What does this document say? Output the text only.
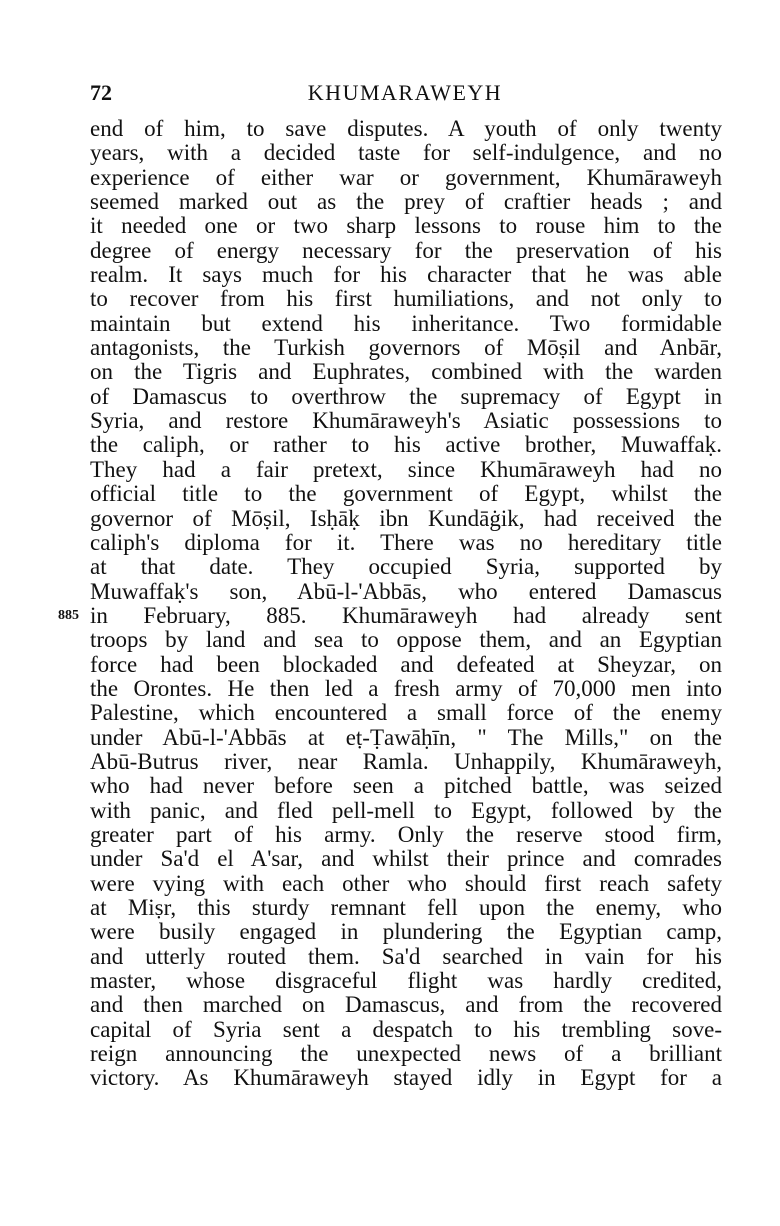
72	KHUMARAWEYH
885
end of him, to save disputes. A youth of only twenty
years, with a decided taste for self-indulgence, and no
experience of either war or government, Khumāraweyh
seemed marked out as the prey of craftier heads ; and
it needed one or two sharp lessons to rouse him to the
degree of energy necessary for the preservation of his
realm. It says much for his character that he was able
to recover from his first humiliations, and not only to
maintain but extend his inheritance. Two formidable
antagonists, the Turkish governors of Mōṣil and Anbār,
on the Tigris and Euphrates, combined with the warden
of Damascus to overthrow the supremacy of Egypt in
Syria, and restore Khumāraweyh's Asiatic possessions to
the caliph, or rather to his active brother, Muwaffaḳ.
They had a fair pretext, since Khumāraweyh had no
official title to the government of Egypt, whilst the
governor of Mōṣil, Isḥāḳ ibn Kundāġik, had received the
caliph's diploma for it. There was no hereditary title
at that date. They occupied Syria, supported by
Muwaffaḳ's son, Abū-l-'Abbās, who entered Damascus
in February, 885. Khumāraweyh had already sent
troops by land and sea to oppose them, and an Egyptian
force had been blockaded and defeated at Sheyzar, on
the Orontes. He then led a fresh army of 70,000 men into
Palestine, which encountered a small force of the enemy
under Abū-l-'Abbās at eṭ-Ṭawāḥīn, " The Mills," on the
Abū-Butrus river, near Ramla. Unhappily, Khumāraweyh,
who had never before seen a pitched battle, was seized
with panic, and fled pell-mell to Egypt, followed by the
greater part of his army. Only the reserve stood firm,
under Sa'd el A'sar, and whilst their prince and comrades
were vying with each other who should first reach safety
at Miṣr, this sturdy remnant fell upon the enemy, who
were busily engaged in plundering the Egyptian camp,
and utterly routed them. Sa'd searched in vain for his
master, whose disgraceful flight was hardly credited,
and then marched on Damascus, and from the recovered
capital of Syria sent a despatch to his trembling sove-
reign announcing the unexpected news of a brilliant
victory. As Khumāraweyh stayed idly in Egypt for a
